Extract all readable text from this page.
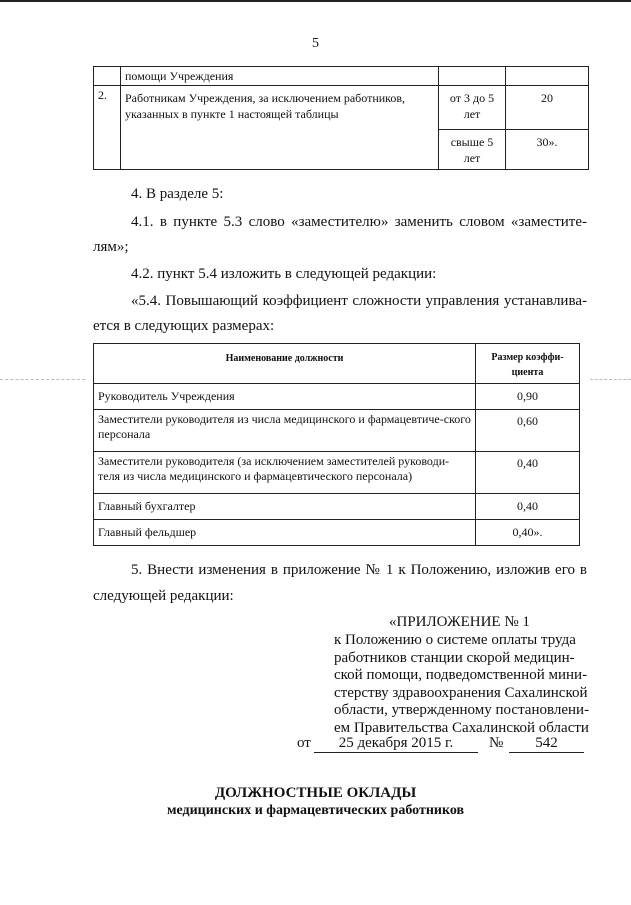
5
	помощи Учреждения		
2.	Работникам Учреждения, за исключением работников, указанных в пункте 1 настоящей таблицы	от 3 до 5 лет	20
		свыше 5 лет	30».
4. В разделе 5:
4.1. в пункте 5.3 слово «заместителю» заменить словом «заместите-
лям»;
4.2. пункт 5.4 изложить в следующей редакции:
«5.4. Повышающий коэффициент сложности управления устанавлива-
ется в следующих размерах:
Наименование должности	Размер коэффи-циента
Руководитель Учреждения	0,90
Заместители руководителя из числа медицинского и фармацевтиче-ского персонала	0,60
Заместители руководителя (за исключением заместителей руководи-теля из числа медицинского и фармацевтического персонала)	0,40
Главный бухгалтер	0,40
Главный фельдшер	0,40».
5. Внести изменения в приложение № 1 к Положению, изложив его в
следующей редакции:
«ПРИЛОЖЕНИЕ № 1
к Положению о системе оплаты труда
работников станции скорой медицин-
ской помощи, подведомственной мини-
стерству здравоохранения Сахалинской
области, утвержденному постановлени-
ем Правительства Сахалинской области
от	25 декабря 2015 г.	№	542
ДОЛЖНОСТНЫЕ ОКЛАДЫ
медицинских и фармацевтических работников
